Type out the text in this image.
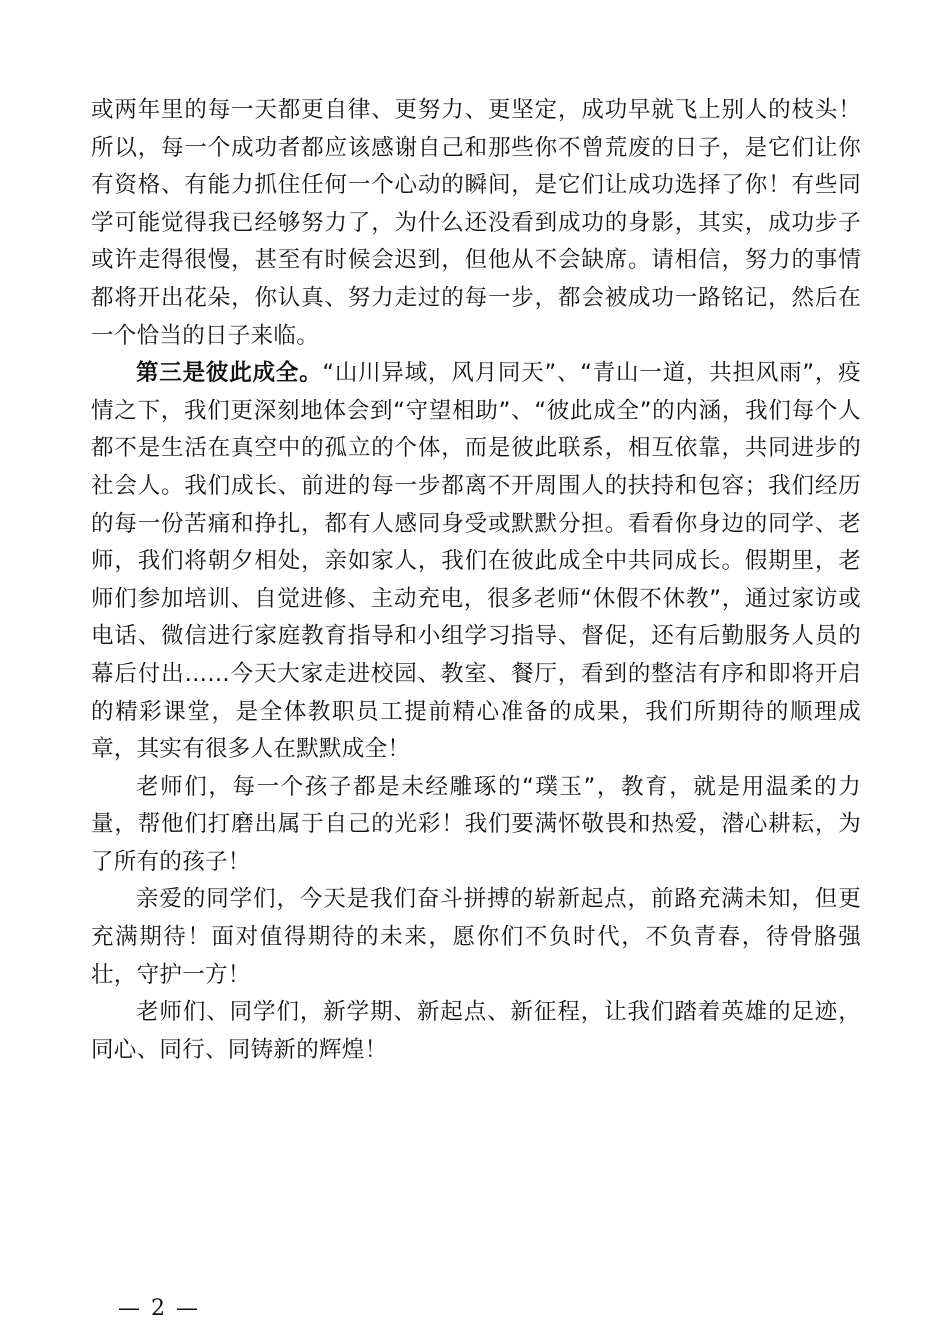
或两年里的每一天都更自律、更努力、更坚定，成功早就飞上别人的枝头！所以，每一个成功者都应该感谢自己和那些你不曾荒废的日子，是它们让你有资格、有能力抓住任何一个心动的瞬间，是它们让成功选择了你！有些同学可能觉得我已经够努力了，为什么还没看到成功的身影，其实，成功步子或许走得很慢，甚至有时候会迟到，但他从不会缺席。请相信，努力的事情都将开出花朵，你认真、努力走过的每一步，都会被成功一路铭记，然后在一个恰当的日子来临。

第三是彼此成全。“山川异域，风月同天”、“青山一道，共担风雨”，疫情之下，我们更深刻地体会到“守望相助”、“彼此成全”的内涵，我们每个人都不是生活在真空中的孤立的个体，而是彼此联系，相互依靠，共同进步的社会人。我们成长、前进的每一步都离不开周围人的扶持和包容；我们经历的每一份苦痛和挣扎，都有人感同身受或默默分担。看看你身边的同学、老师，我们将朝夕相处，亲如家人，我们在彼此成全中共同成长。假期里，老师们参加培训、自觉进修、主动充电，很多老师“休假不休教”，通过家访或电话、微信进行家庭教育指导和小组学习指导、督促，还有后勤服务人员的幕后付出……今天大家走进校园、教室、餐厅，看到的整洁有序和即将开启的精彩课堂，是全体教职员工提前精心准备的成果，我们所期待的顺理成章，其实有很多人在默默成全！

老师们，每一个孩子都是未经雕琢的“璞玉”，教育，就是用温柔的力量，帮他们打磨出属于自己的光彩！我们要满怀敬畏和热爱，潜心耕耘，为了所有的孩子！

亲爱的同学们，今天是我们奋斗拼搏的崭新起点，前路充满未知，但更充满期待！面对值得期待的未来，愿你们不负时代，不负青春，待骨胳强壮，守护一方！

老师们、同学们，新学期、新起点、新征程，让我们踏着英雄的足迹，同心、同行、同铸新的辉煌！

— 2 —
